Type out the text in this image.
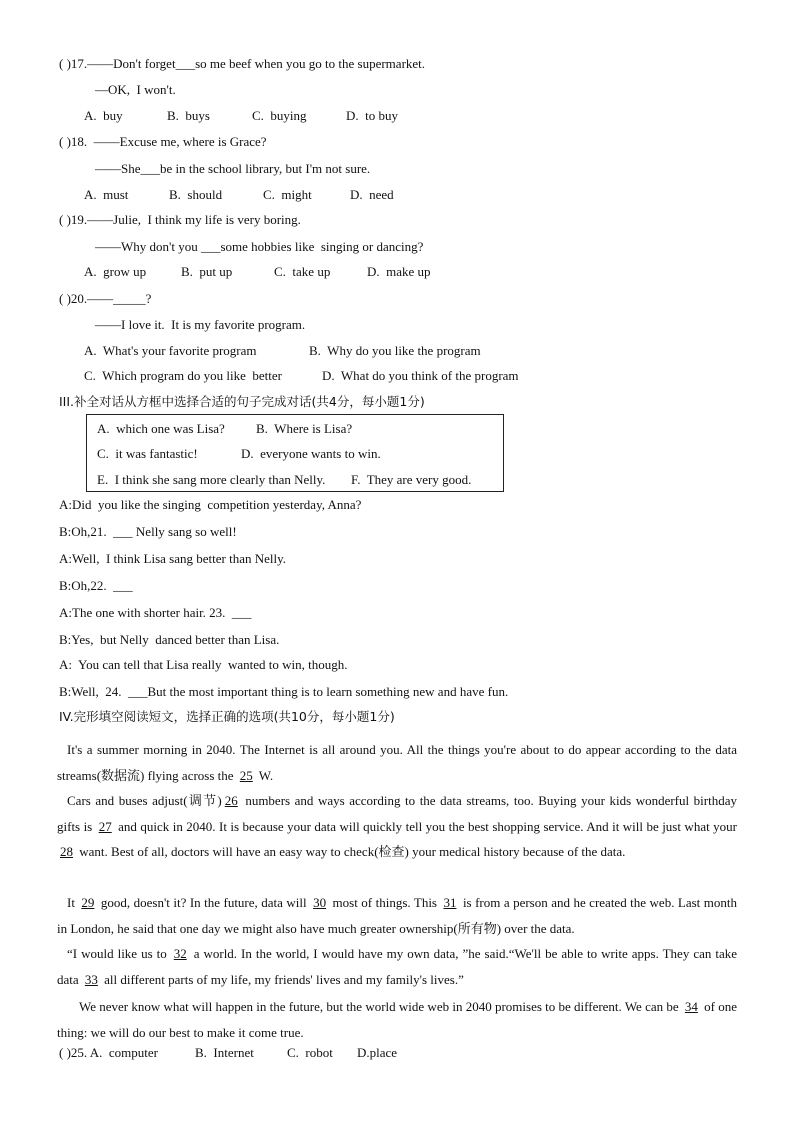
( )17.——Don't forget___so me beef when you go to the supermarket.
—OK,  I won't.
A.  buy	B.  buys	C.  buying	D.  to buy
( )18.  ——Excuse me, where is Grace?
——She___be in the school library, but I'm not sure.
A.  must	B.  should	C.  might	D.  need
( )19.——Julie,  I think my life is very boring.
——Why don't you ___some hobbies like  singing or dancing?
A.  grow up	B.  put up	C.  take up	D.  make up
( )20.——_____?
——I love it.  It is my favorite program.
A.  What's your favorite program	B.  Why do you like the program
C.  Which program do you like  better	D.  What do you think of the program
III.补全对话从方框中选择合适的句子完成对话(共4分，每小题1分)
A.  which one was Lisa? B.  Where is Lisa?
C.  it was fantastic!	D.  everyone wants to win.
E.  I think she sang more clearly than Nelly. F.  They are very good.
A:Did  you like the singing  competition yesterday, Anna?
B:Oh,21.  ___ Nelly sang so well!
A:Well,  I think Lisa sang better than Nelly.
B:Oh,22.  ___
A:The one with shorter hair. 23.  ___
B:Yes,  but Nelly  danced better than Lisa.
A:  You can tell that Lisa really  wanted to win, though.
B:Well,  24.  ___But the most important thing is to learn something new and have fun.
IV.完形填空阅读短文，选择正确的选项(共10分，每小题1分)
It's a summer morning in 2040. The Internet is all around you. All the things you're about to do appear according to the data streams(数据流) flying across the 25 W.
Cars and buses adjust(调节) 26 numbers and ways according to the data streams, too. Buying your kids wonderful birthday gifts is 27 and quick in 2040. It is because your data will quickly tell you the best shopping service. And it will be just what your 28 want. Best of all, doctors will have an easy way to check(检查) your medical history because of the data.
It 29 good, doesn't it? In the future, data will 30 most of things. This 31 is from a person and he created the web. Last month in London, he said that one day we might also have much greater ownership(所有物) over the data.
“I would like us to 32 a world. In the world, I would have my own data, ”he said.“We'll be able to write apps. They can take data 33 all different parts of my life, my friends' lives and my family's lives.”
We never know what will happen in the future, but the world wide web in 2040 promises to be different. We can be 34 of one thing: we will do our best to make it come true.
( )25. A.  computer	B.  Internet	C.  robot D.place
